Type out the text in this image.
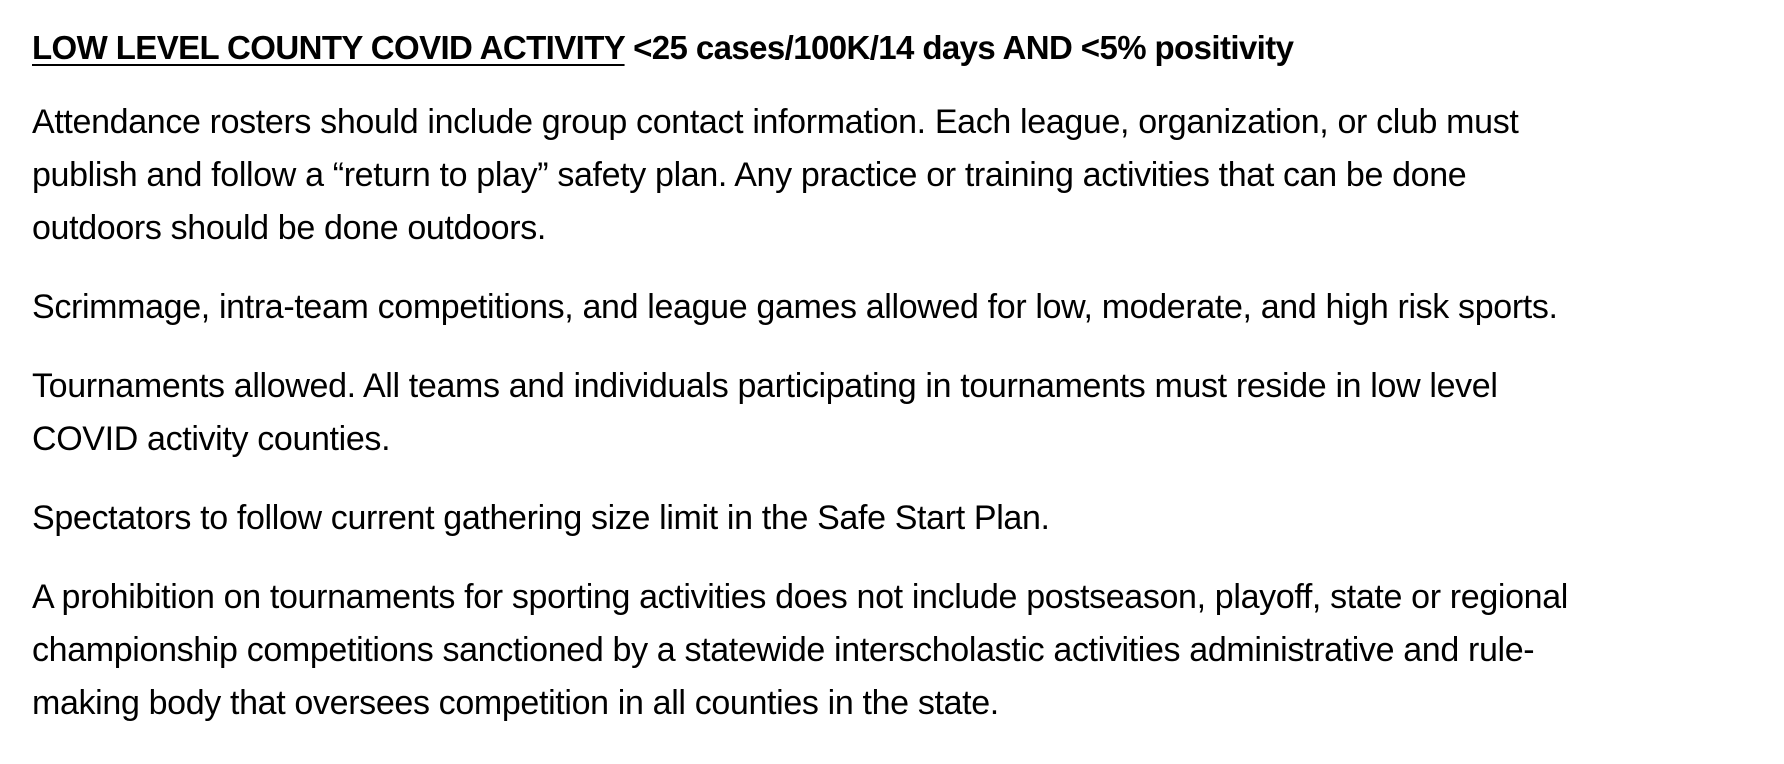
LOW LEVEL COUNTY COVID ACTIVITY <25 cases/100K/14 days AND <5% positivity

Attendance rosters should include group contact information. Each league, organization, or club must
publish and follow a “return to play” safety plan. Any practice or training activities that can be done
outdoors should be done outdoors.

Scrimmage, intra-team competitions, and league games allowed for low, moderate, and high risk sports.

Tournaments allowed. All teams and individuals participating in tournaments must reside in low level
COVID activity counties.

Spectators to follow current gathering size limit in the Safe Start Plan.

A prohibition on tournaments for sporting activities does not include postseason, playoff, state or regional
championship competitions sanctioned by a statewide interscholastic activities administrative and rule-
making body that oversees competition in all counties in the state.
